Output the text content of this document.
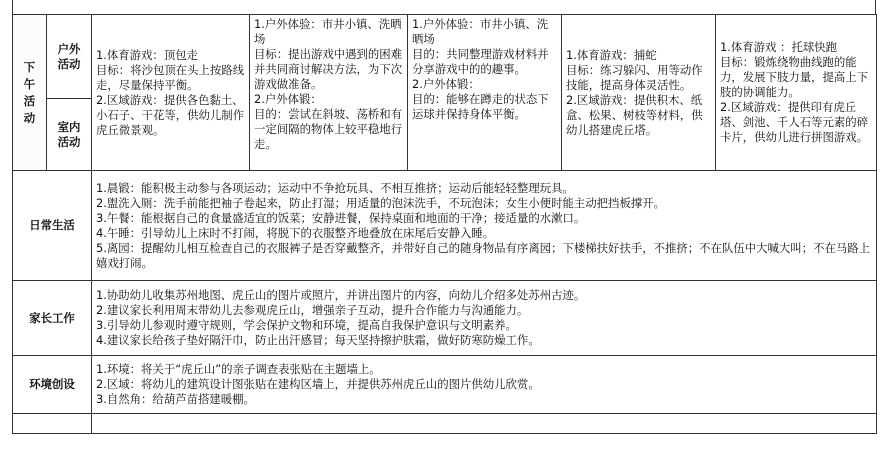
下午活动	户外活动	1.体育游戏：顶包走
目标：将沙包顶在头上按路线走，尽量保持平衡。
2.区域游戏：提供各色黏土、小石子、干花等，供幼儿制作虎丘微景观。	1.户外体验：市井小镇、洗晒场
目标：提出游戏中遇到的困难并共同商讨解决方法，为下次游戏做准备。
2.户外体锻：
目的：尝试在斜坡、荡桥和有一定间隔的物体上较平稳地行走。	1.户外体验：市井小镇、洗晒场
目的：共同整理游戏材料并分享游戏中的的趣事。
2.户外体锻：
目的：能够在蹲走的状态下运球并保持身体平衡。	1.体育游戏：捕蛇
目标：练习躲闪、用等动作技能，提高身体灵活性。
2.区域游戏：提供积木、纸盒、松果、树枝等材料，供幼儿搭建虎丘塔。	1.体育游戏 ：托球快跑
目标：锻炼绕物曲线跑的能力，发展下肢力量，提高上下肢的协调能力。
2.区域游戏：提供印有虎丘塔、剑池、千人石等元素的碎卡片，供幼儿进行拼图游戏。

	室内活动					

日常生活		1.晨锻：能积极主动参与各项运动；运动中不争抢玩具、不相互推挤；运动后能轻轻整理玩具。
2.盥洗入厕：洗手前能把袖子卷起来，防止打湿；用适量的泡沫洗手，不玩泡沫；女生小便时能主动把挡板撑开。
3.午餐：能根据自己的食量盛适宜的饭菜；安静进餐，保持桌面和地面的干净；接适量的水漱口。
4.午睡：引导幼儿上床时不打闹，将脱下的衣服整齐地叠放在床尾后安静入睡。
5.离园：提醒幼儿相互检查自己的衣服裤子是否穿戴整齐，并带好自己的随身物品有序离园；下楼梯扶好扶手，不推挤；不在队伍中大喊大叫；不在马路上嬉戏打闹。				

家长工作		1.协助幼儿收集苏州地图、虎丘山的图片或照片，并讲出图片的内容，向幼儿介绍多处苏州古迹。
2.建议家长利用周末带幼儿去参观虎丘山，增强亲子互动，提升合作能力与沟通能力。
3.引导幼儿参观时遵守规则，学会保护文物和环境，提高自我保护意识与文明素养。
4.建议家长给孩子垫好隔汗巾，防止出汗感冒；每天坚持擦护肤霜，做好防寒防燥工作。				

环境创设		1.环境：将关于“虎丘山”的亲子调查表张贴在主题墙上。
2.区域：将幼儿的建筑设计图张贴在建构区墙上，并提供苏州虎丘山的图片供幼儿欣赏。
3.自然角：给葫芦苗搭建暖棚。				
